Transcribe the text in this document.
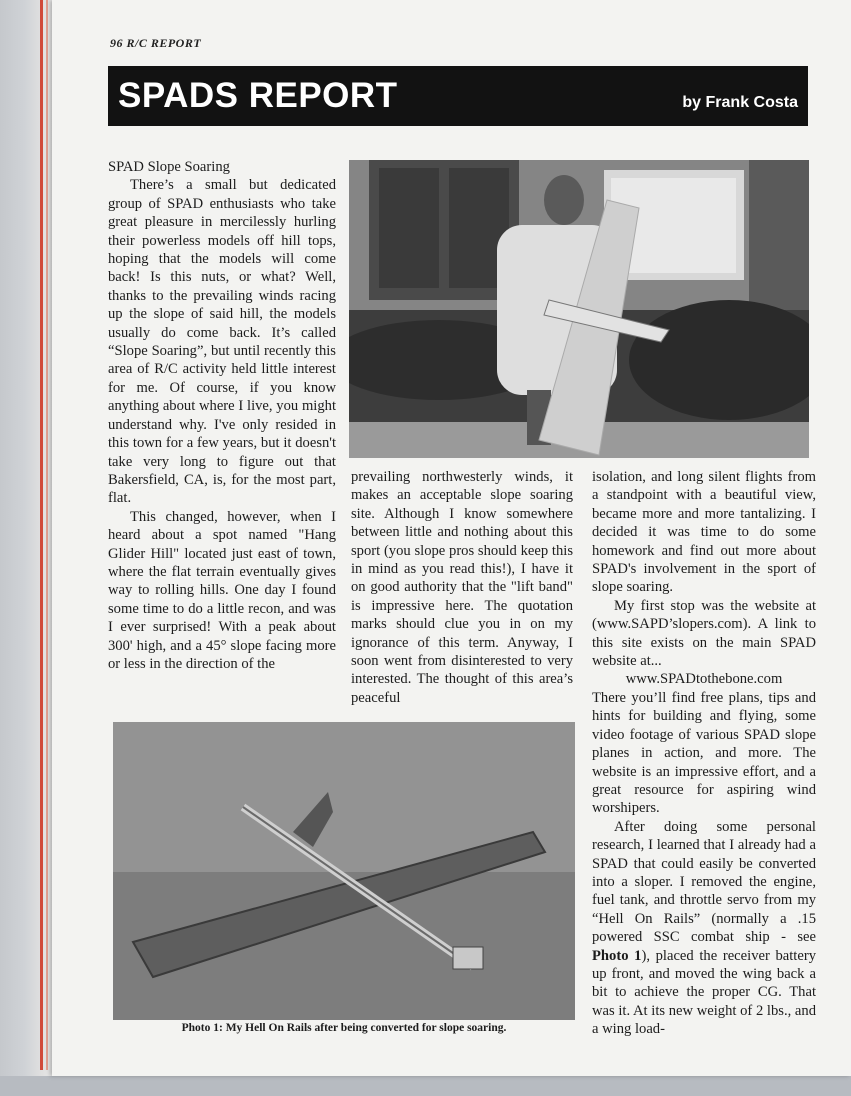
96 R/C REPORT
SPADS REPORT	by Frank Costa

SPAD Slope Soaring

There’s a small but dedicated group of SPAD enthusiasts who take great pleasure in mercilessly hurling their powerless models off hill tops, hoping that the models will come back! Is this nuts, or what? Well, thanks to the prevailing winds racing up the slope of said hill, the models usually do come back. It’s called “Slope Soaring”, but until recently this area of R/C activity held little interest for me. Of course, if you know anything about where I live, you might understand why. I've only resided in this town for a few years, but it doesn't take very long to figure out that Bakersfield, CA, is, for the most part, flat.

This changed, however, when I heard about a spot named "Hang Glider Hill" located just east of town, where the flat terrain eventually gives way to rolling hills. One day I found some time to do a little recon, and was I ever surprised! With a peak about 300' high, and a 45° slope facing more or less in the direction of the

prevailing northwesterly winds, it makes an acceptable slope soaring site. Although I know somewhere between little and nothing about this sport (you slope pros should keep this in mind as you read this!), I have it on good authority that the "lift band" is impressive here. The quotation marks should clue you in on my ignorance of this term. Anyway, I soon went from disinterested to very interested. The thought of this area’s peaceful

isolation, and long silent flights from a standpoint with a beautiful view, became more and more tantalizing. I decided it was time to do some homework and find out more about SPAD's involvement in the sport of slope soaring.

My first stop was the website at (www.SAPD’slopers.com). A link to this site exists on the main SPAD website at...

www.SPADtothebone.com

There you’ll find free plans, tips and hints for building and flying, some video footage of various SPAD slope planes in action, and more. The website is an impressive effort, and a great resource for aspiring wind worshipers.

After doing some personal research, I learned that I already had a SPAD that could easily be converted into a sloper. I removed the engine, fuel tank, and throttle servo from my “Hell On Rails” (normally a .15 powered SSC combat ship - see Photo 1), placed the receiver battery up front, and moved the wing back a bit to achieve the proper CG. That was it. At its new weight of 2 lbs., and a wing load-

Photo 1: My Hell On Rails after being converted for slope soaring.
